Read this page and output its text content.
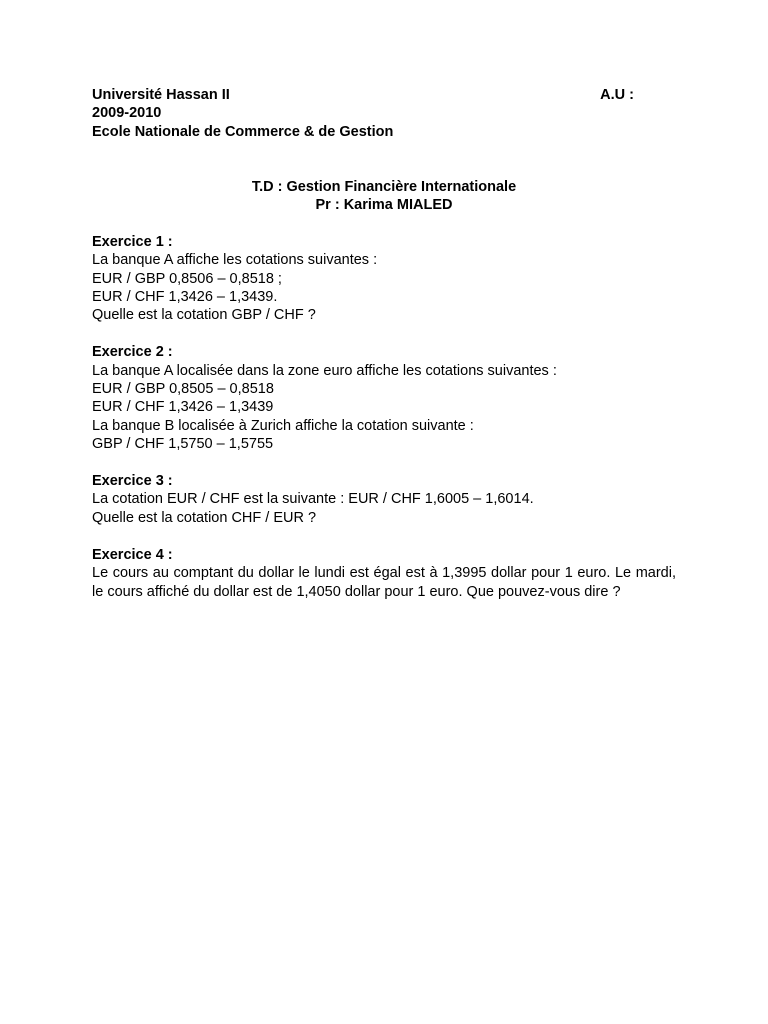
Université Hassan II	A.U :
2009-2010
Ecole Nationale de Commerce & de Gestion
T.D : Gestion Financière Internationale
Pr : Karima MIALED
Exercice 1 :
La banque A affiche les cotations suivantes :
EUR / GBP 0,8506 – 0,8518 ;
EUR / CHF 1,3426 – 1,3439.
Quelle est la cotation GBP / CHF ?
Exercice 2 :
La banque A localisée dans la zone euro affiche les cotations suivantes :
EUR / GBP 0,8505 – 0,8518
EUR / CHF 1,3426 – 1,3439
La banque B localisée à Zurich affiche la cotation suivante :
GBP / CHF 1,5750 – 1,5755
Exercice 3 :
La cotation EUR / CHF est la suivante : EUR / CHF 1,6005 – 1,6014.
Quelle est la cotation CHF / EUR ?
Exercice 4 :
Le cours au comptant du dollar le lundi est égal est à 1,3995 dollar pour 1 euro. Le mardi, le cours affiché du dollar est de 1,4050 dollar pour 1 euro. Que pouvez-vous dire ?
